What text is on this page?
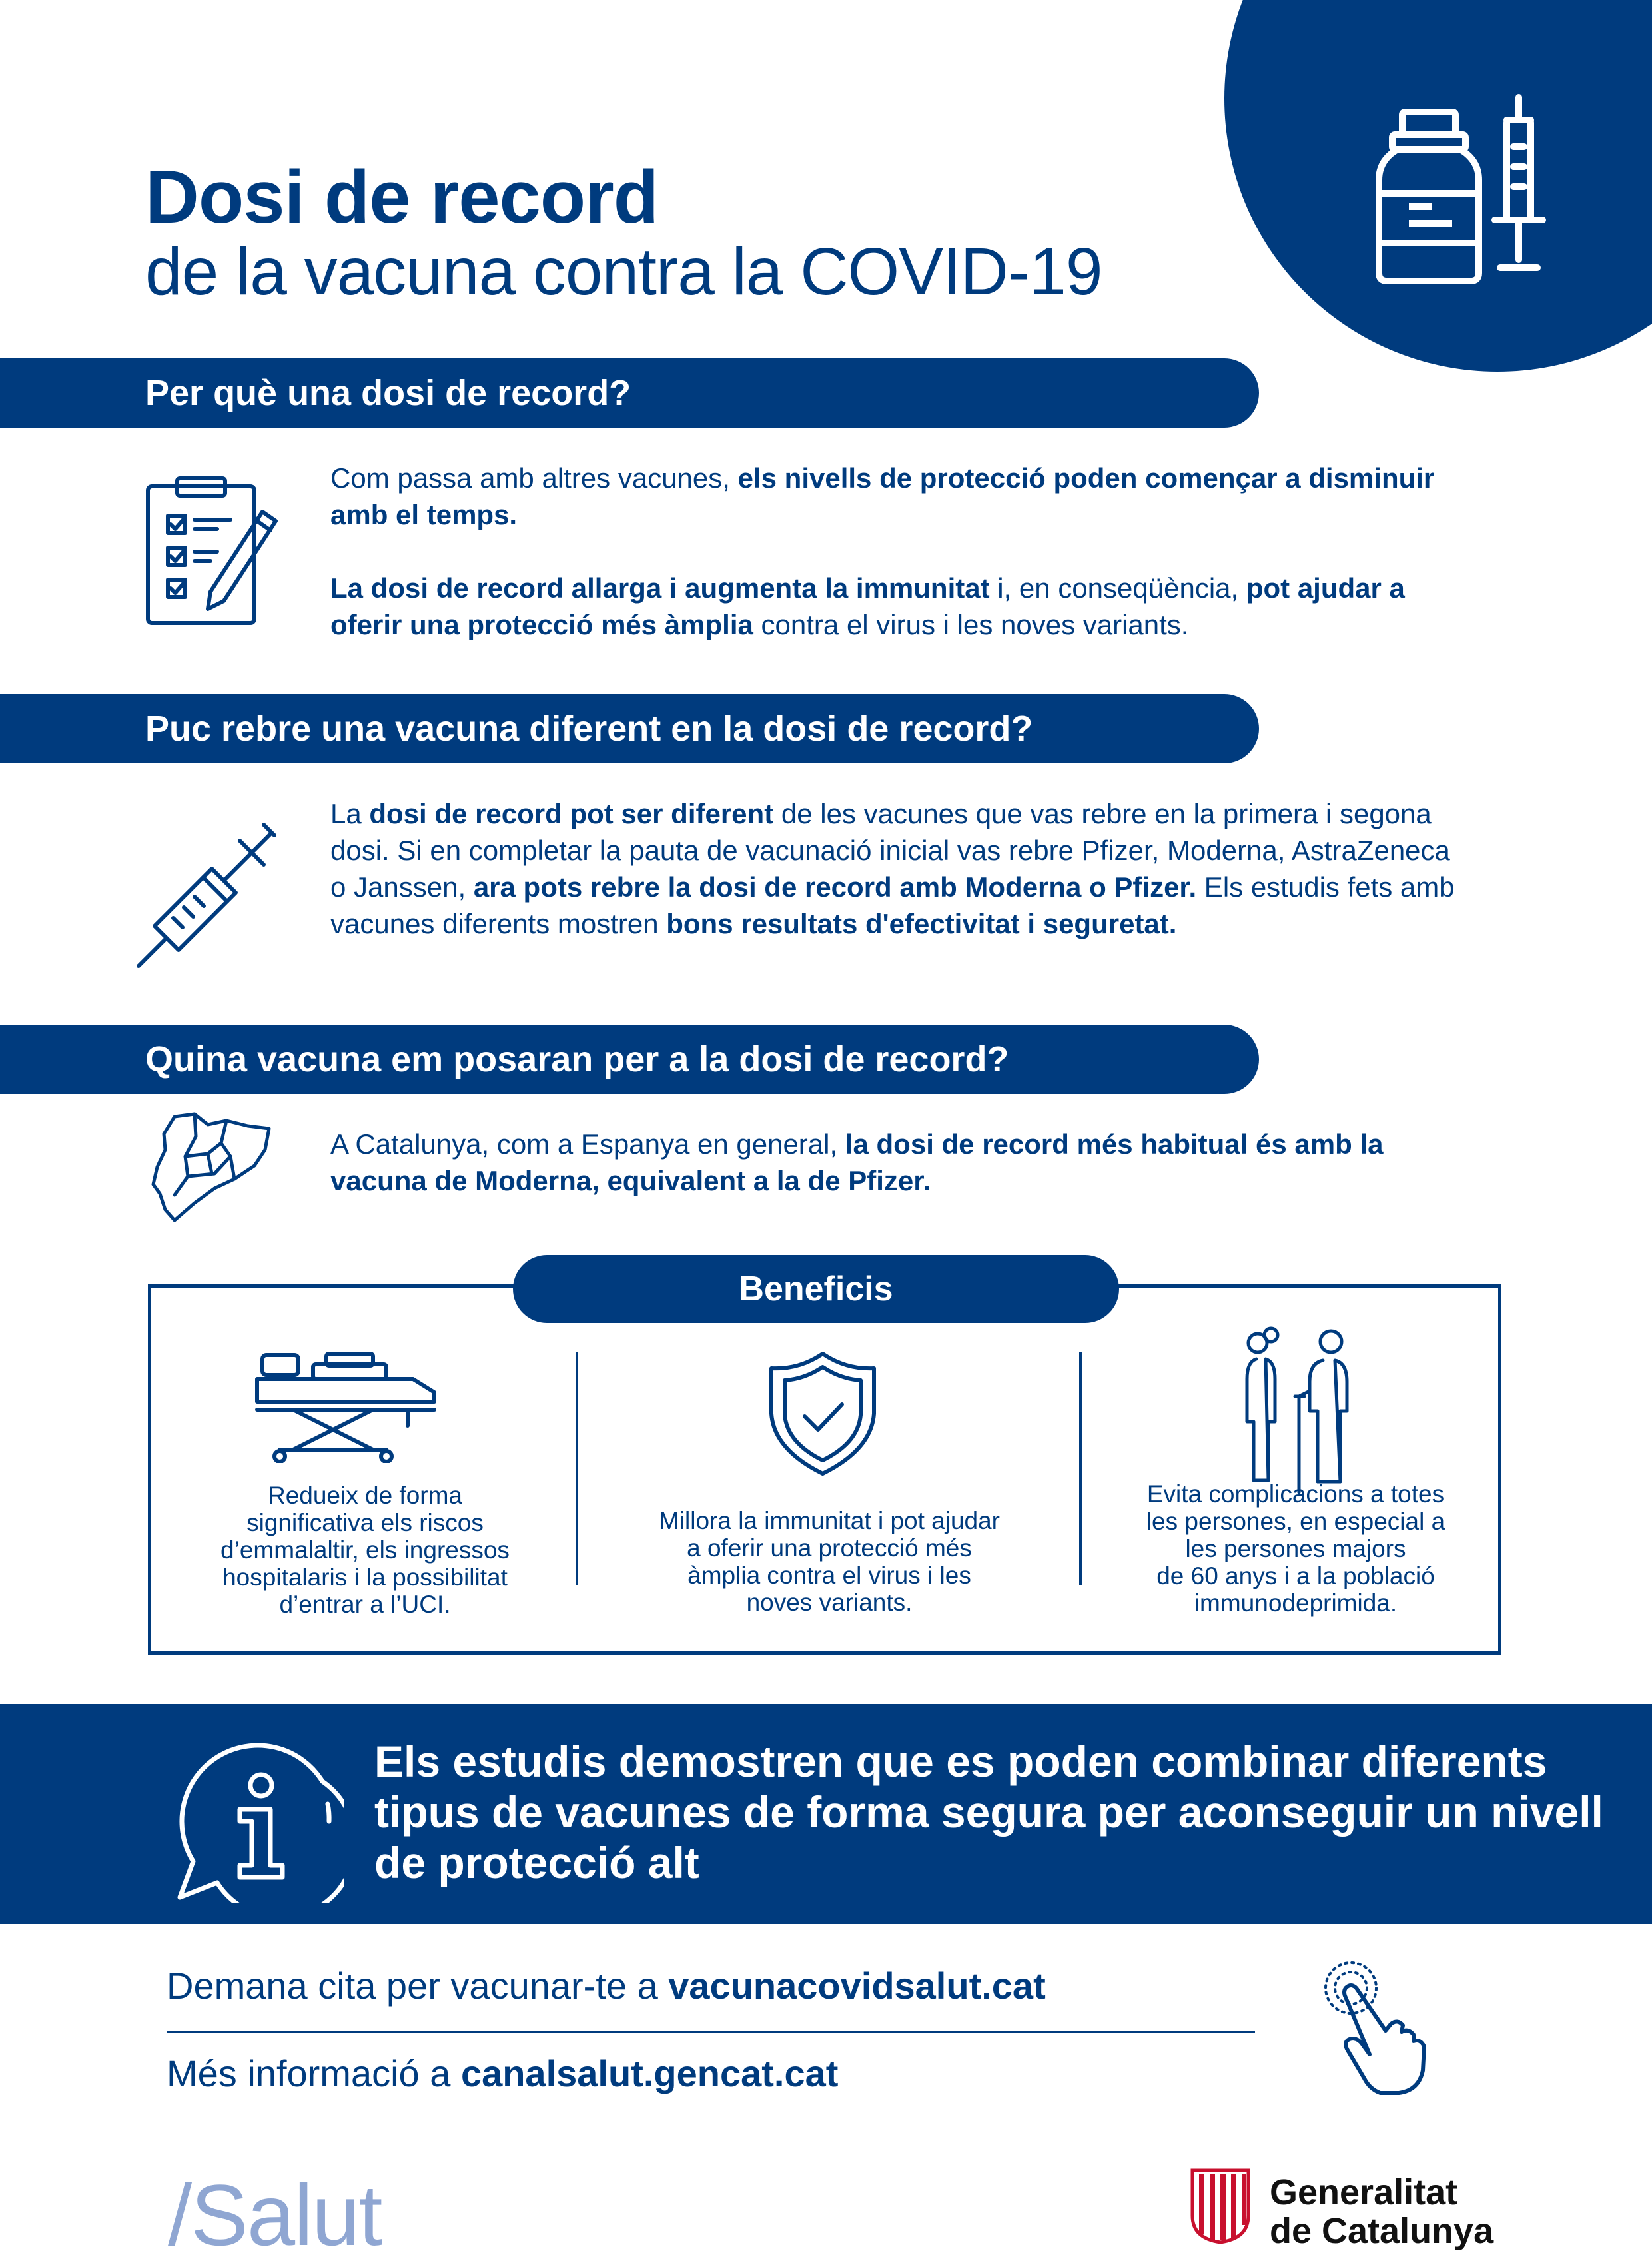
Dosi de record
de la vacuna contra la COVID-19
Per què una dosi de record?

Com passa amb altres vacunes, els nivells de protecció poden començar a disminuir amb el temps.

La dosi de record allarga i augmenta la immunitat i, en conseqüència, pot ajudar a oferir una protecció més àmplia contra el virus i les noves variants.

Puc rebre una vacuna diferent en la dosi de record?

La dosi de record pot ser diferent de les vacunes que vas rebre en la primera i segona dosi. Si en completar la pauta de vacunació inicial vas rebre Pfizer, Moderna, AstraZeneca o Janssen, ara pots rebre la dosi de record amb Moderna o Pfizer. Els estudis fets amb vacunes diferents mostren bons resultats d'efectivitat i seguretat.

Quina vacuna em posaran per a la dosi de record?

A Catalunya, com a Espanya en general, la dosi de record més habitual és amb la vacuna de Moderna, equivalent a la de Pfizer.

Beneficis
Redueix de forma
significativa els riscos
d’emmalaltir, els ingressos
hospitalaris i la possibilitat
d’entrar a l’UCI.
Millora la immunitat i pot ajudar
a oferir una protecció més
àmplia contra el virus i les
noves variants.
Evita complicacions a totes
les persones, en especial a
les persones majors
de 60 anys i a la població
immunodeprimida.
Els estudis demostren que es poden combinar diferents tipus de vacunes de forma segura per aconseguir un nivell de protecció alt
Demana cita per vacunar-te a vacunacovidsalut.cat
Més informació a canalsalut.gencat.cat
/Salut	Generalitat
de Catalunya
